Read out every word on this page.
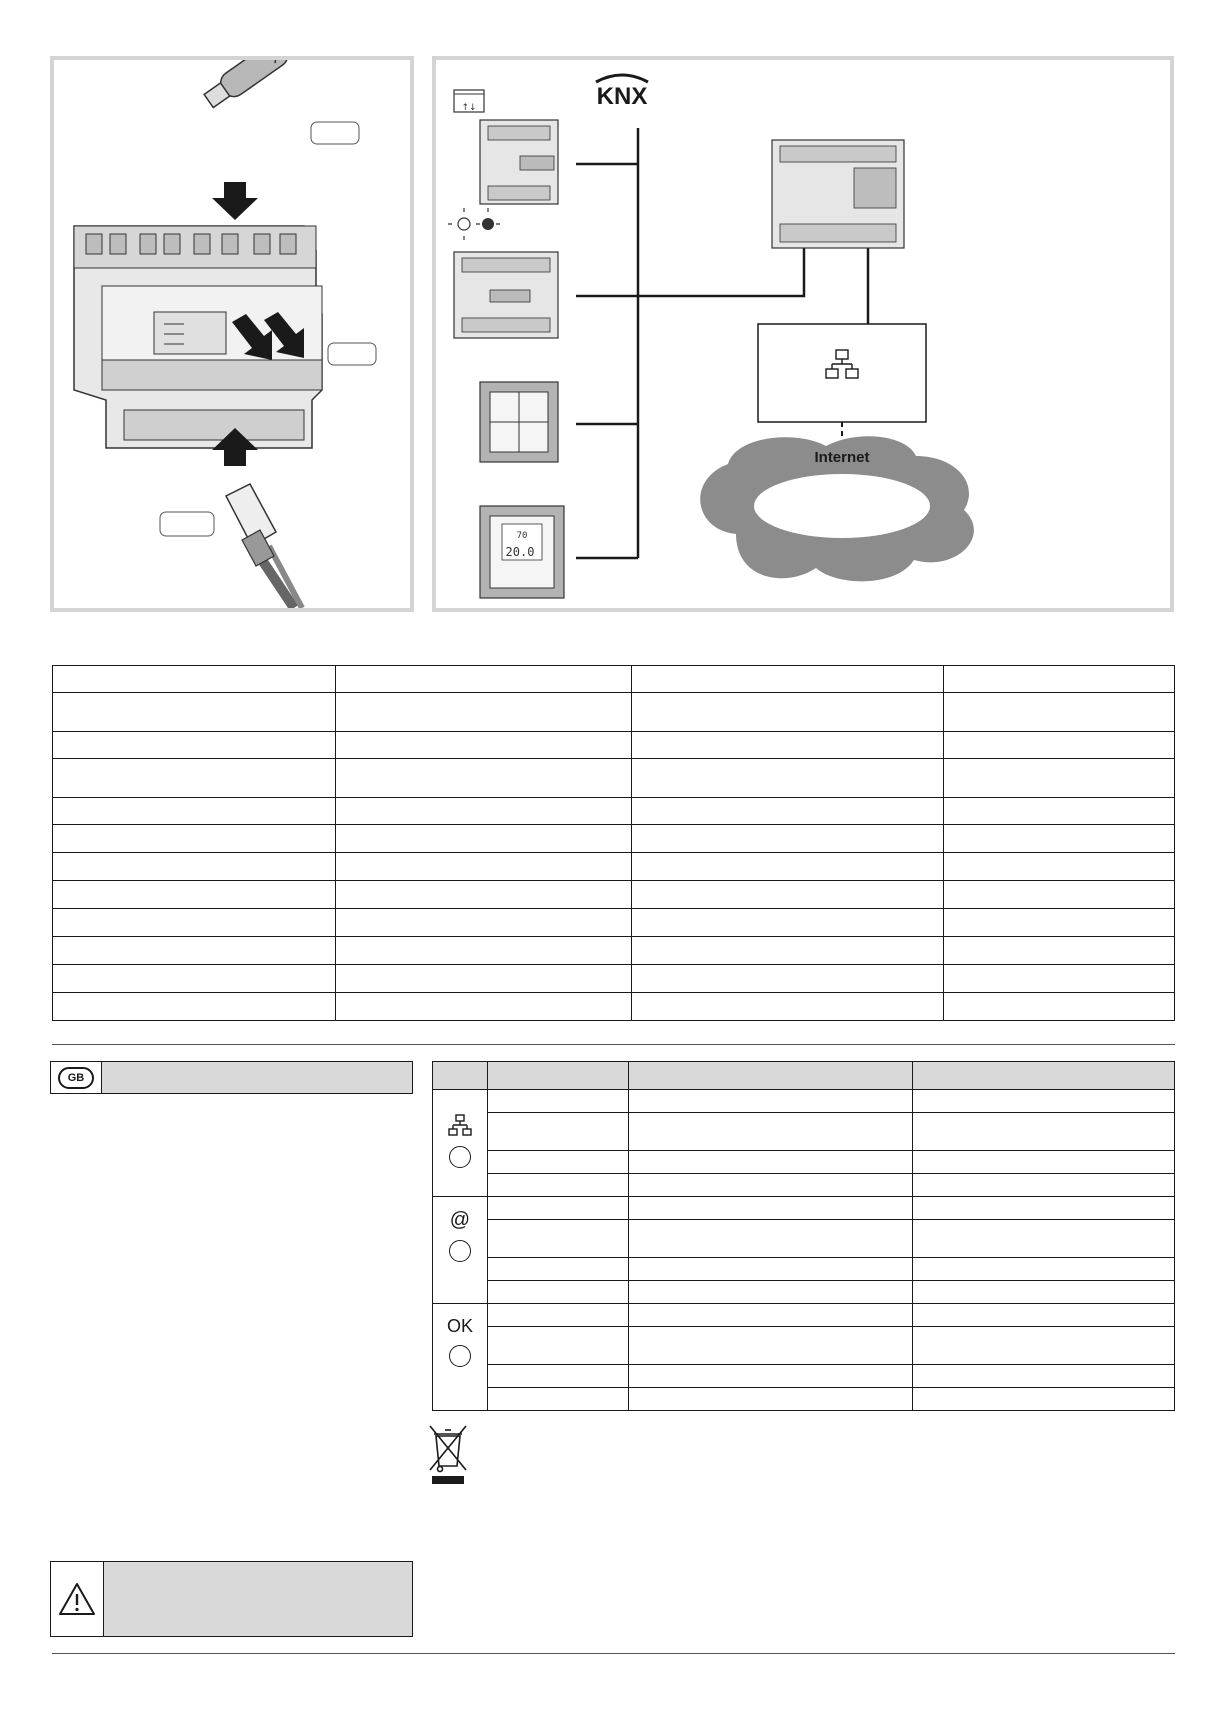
KNX
↑↓
70
20.0
Internet

GB

@			

OK			
